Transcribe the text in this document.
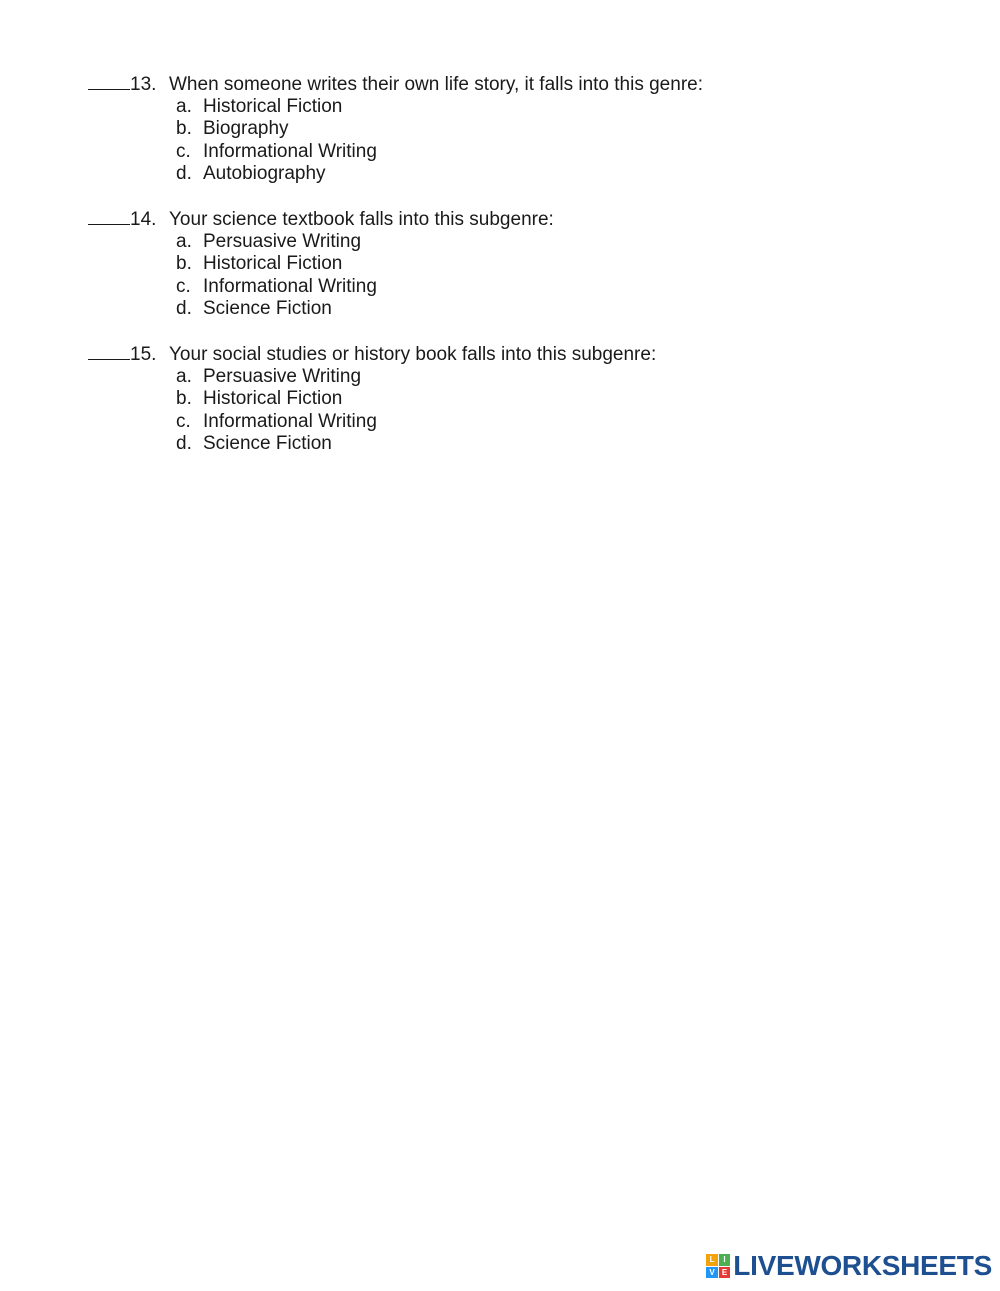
13. When someone writes their own life story, it falls into this genre:
a. Historical Fiction
b. Biography
c. Informational Writing
d. Autobiography
14. Your science textbook falls into this subgenre:
a. Persuasive Writing
b. Historical Fiction
c. Informational Writing
d. Science Fiction
15. Your social studies or history book falls into this subgenre:
a. Persuasive Writing
b. Historical Fiction
c. Informational Writing
d. Science Fiction
L	I
V E LIVEWORKSHEETS
